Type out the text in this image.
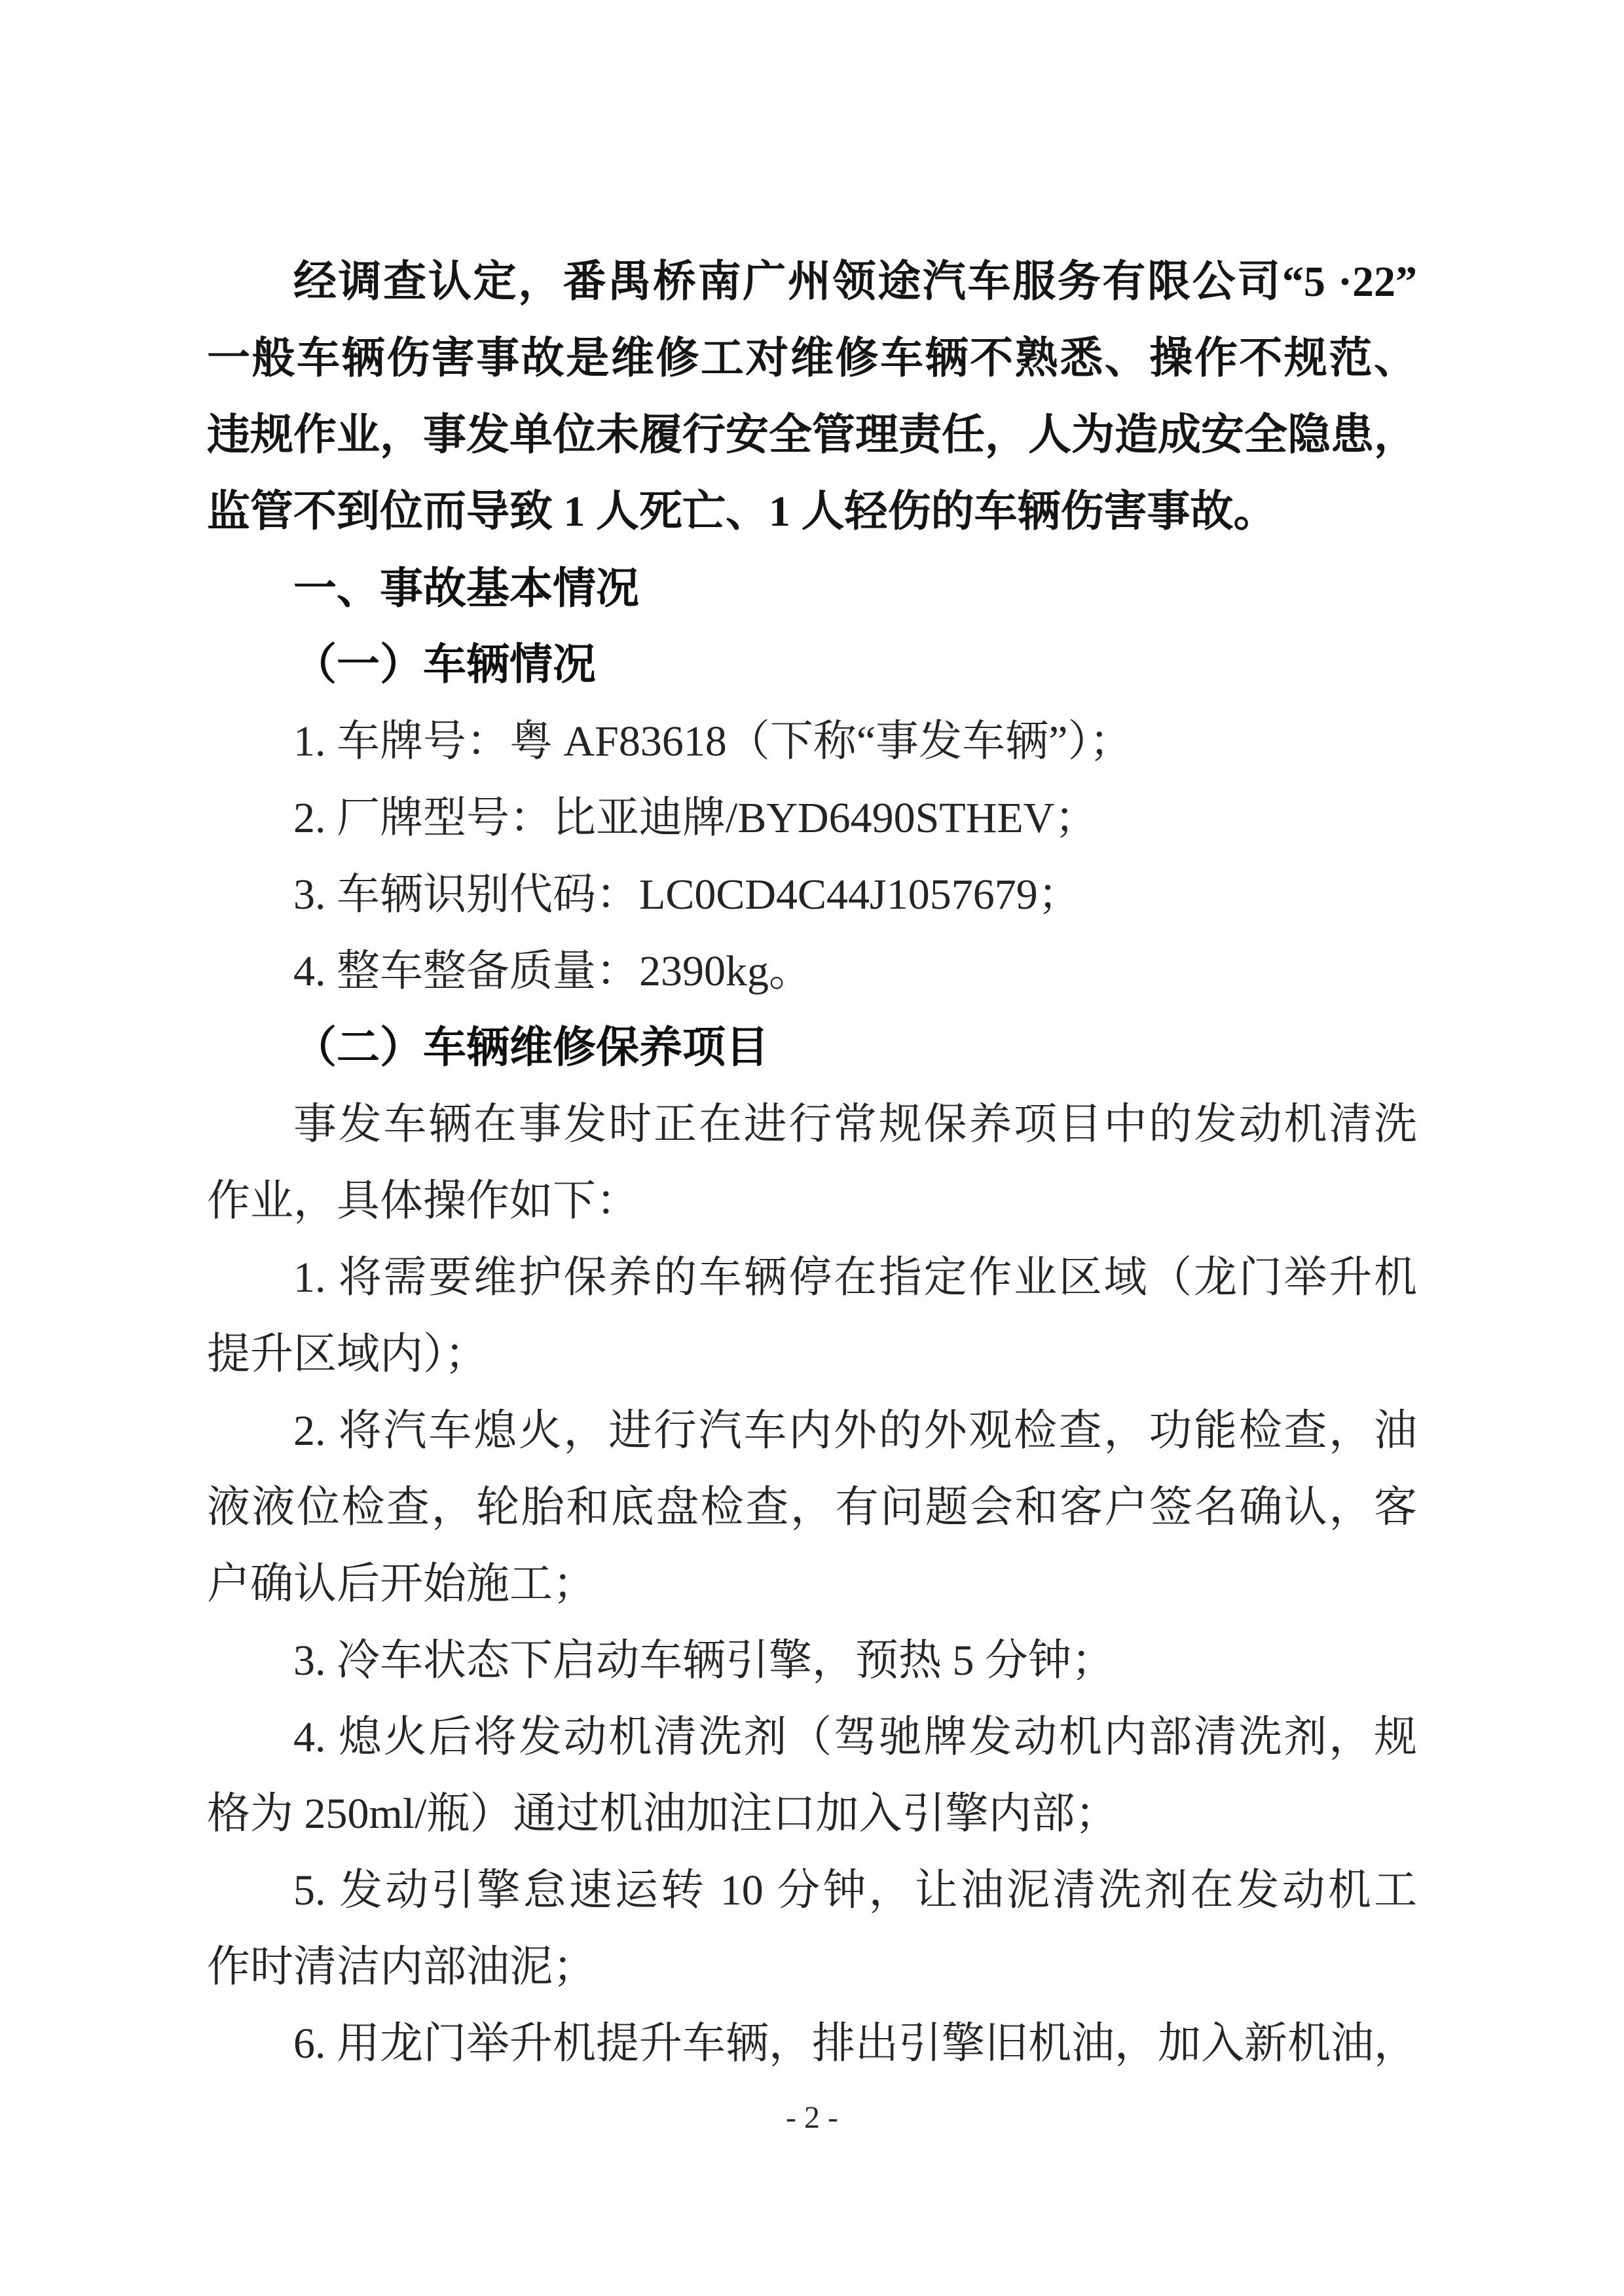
经调查认定，番禺桥南广州领途汽车服务有限公司“5 ·22”
一般车辆伤害事故是维修工对维修车辆不熟悉、操作不规范、
违规作业，事发单位未履行安全管理责任，人为造成安全隐患，
监管不到位而导致 1 人死亡、1 人轻伤的车辆伤害事故。
一、事故基本情况
（一）车辆情况
1. 车牌号：粤 AF83618（下称“事发车辆”）；
2. 厂牌型号：比亚迪牌/BYD6490STHEV；
3. 车辆识别代码：LC0CD4C44J1057679；
4. 整车整备质量：2390kg。
（二）车辆维修保养项目
事发车辆在事发时正在进行常规保养项目中的发动机清洗
作业，具体操作如下：
1. 将需要维护保养的车辆停在指定作业区域（龙门举升机
提升区域内）；
2. 将汽车熄火，进行汽车内外的外观检查，功能检查，油
液液位检查，轮胎和底盘检查，有问题会和客户签名确认，客
户确认后开始施工；
3. 冷车状态下启动车辆引擎，预热 5 分钟；
4. 熄火后将发动机清洗剂（驾驰牌发动机内部清洗剂，规
格为 250ml/瓶）通过机油加注口加入引擎内部；
5. 发动引擎怠速运转 10 分钟，让油泥清洗剂在发动机工
作时清洁内部油泥；
6. 用龙门举升机提升车辆，排出引擎旧机油，加入新机油，
- 2 -
